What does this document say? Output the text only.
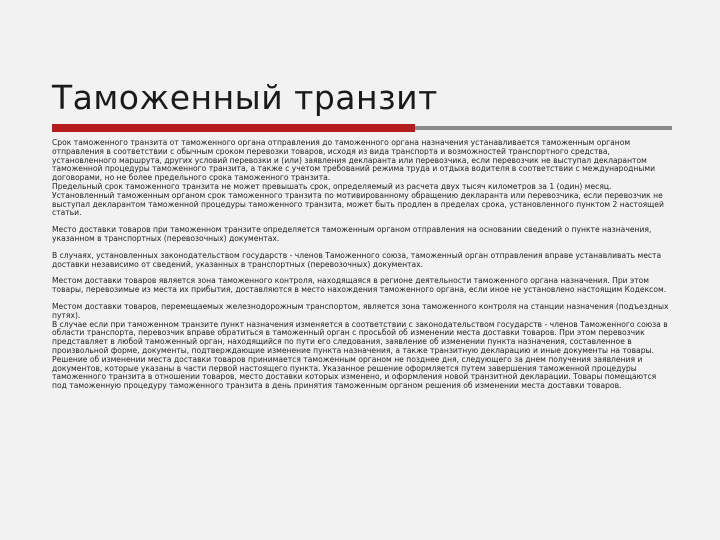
Таможенный транзит

Срок таможенного транзита от таможенного органа отправления до таможенного органа назначения устанавливается таможенным органом отправления в соответствии с обычным сроком перевозки товаров, исходя из вида транспорта и возможностей транспортного средства, установленного маршрута, других условий перевозки и (или) заявления декларанта или перевозчика, если перевозчик не выступал декларантом таможенной процедуры таможенного транзита, а также с учетом требований режима труда и отдыха водителя в соответствии с международными договорами, но не более предельного срока таможенного транзита.

Предельный срок таможенного транзита не может превышать срок, определяемый из расчета двух тысяч километров за 1 (один) месяц.

Установленный таможенным органом срок таможенного транзита по мотивированному обращению декларанта или перевозчика, если перевозчик не выступал декларантом таможенной процедуры таможенного транзита, может быть продлен в пределах срока, установленного пунктом 2 настоящей статьи.

Место доставки товаров при таможенном транзите определяется таможенным органом отправления на основании сведений о пункте назначения, указанном в транспортных (перевозочных) документах.

В случаях, установленных законодательством государств - членов Таможенного союза, таможенный орган отправления вправе устанавливать места доставки независимо от сведений, указанных в транспортных (перевозочных) документах.

Местом доставки товаров является зона таможенного контроля, находящаяся в регионе деятельности таможенного органа назначения. При этом товары, перевозимые из места их прибытия, доставляются в место нахождения таможенного органа, если иное не установлено настоящим Кодексом.

Местом доставки товаров, перемещаемых железнодорожным транспортом, является зона таможенного контроля на станции назначения (подъездных путях).

В случае если при таможенном транзите пункт назначения изменяется в соответствии с законодательством государств - членов Таможенного союза в области транспорта, перевозчик вправе обратиться в таможенный орган с просьбой об изменении места доставки товаров. При этом перевозчик представляет в любой таможенный орган, находящийся по пути его следования, заявление об изменении пункта назначения, составленное в произвольной форме, документы, подтверждающие изменение пункта назначения, а также транзитную декларацию и иные документы на товары.

Решение об изменении места доставки товаров принимается таможенным органом не позднее дня, следующего за днем получения заявления и документов, которые указаны в части первой настоящего пункта. Указанное решение оформляется путем завершения таможенной процедуры таможенного транзита в отношении товаров, место доставки которых изменено, и оформления новой транзитной декларации. Товары помещаются под таможенную процедуру таможенного транзита в день принятия таможенным органом решения об изменении места доставки товаров.
